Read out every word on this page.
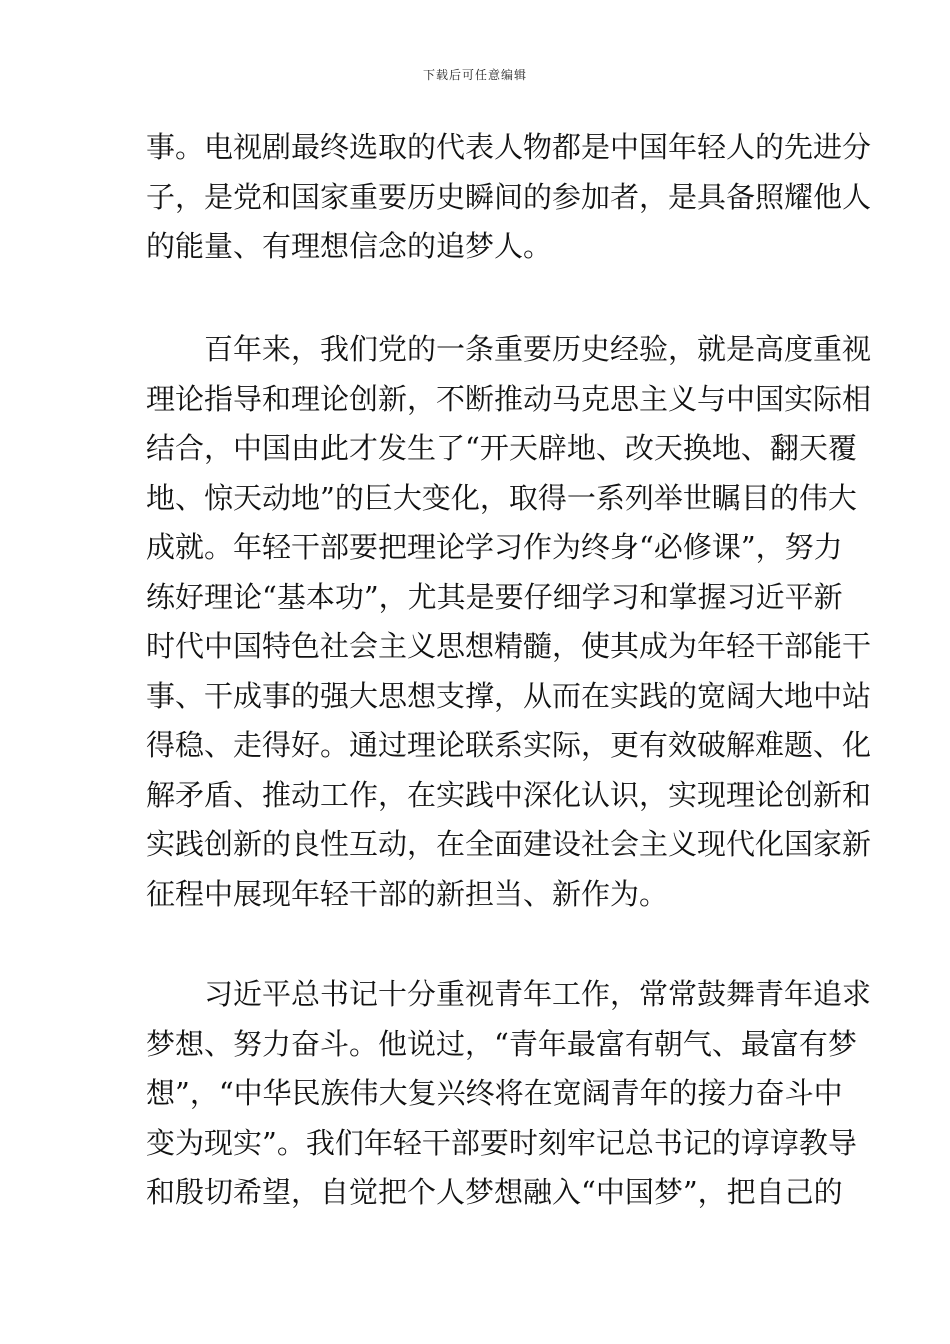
下载后可任意编辑
事。电视剧最终选取的代表人物都是中国年轻人的先进分
子，是党和国家重要历史瞬间的参加者，是具备照耀他人
的能量、有理想信念的追梦人。
百年来，我们党的一条重要历史经验，就是高度重视
理论指导和理论创新，不断推动马克思主义与中国实际相
结合，中国由此才发生了“开天辟地、改天换地、翻天覆
地、惊天动地”的巨大变化，取得一系列举世瞩目的伟大
成就。年轻干部要把理论学习作为终身“必修课”，努力
练好理论“基本功”，尤其是要仔细学习和掌握习近平新
时代中国特色社会主义思想精髓，使其成为年轻干部能干
事、干成事的强大思想支撑，从而在实践的宽阔大地中站
得稳、走得好。通过理论联系实际，更有效破解难题、化
解矛盾、推动工作，在实践中深化认识，实现理论创新和
实践创新的良性互动，在全面建设社会主义现代化国家新
征程中展现年轻干部的新担当、新作为。
习近平总书记十分重视青年工作，常常鼓舞青年追求
梦想、努力奋斗。他说过，“青年最富有朝气、最富有梦
想”，“中华民族伟大复兴终将在宽阔青年的接力奋斗中
变为现实”。我们年轻干部要时刻牢记总书记的谆谆教导
和殷切希望，自觉把个人梦想融入“中国梦”，把自己的
